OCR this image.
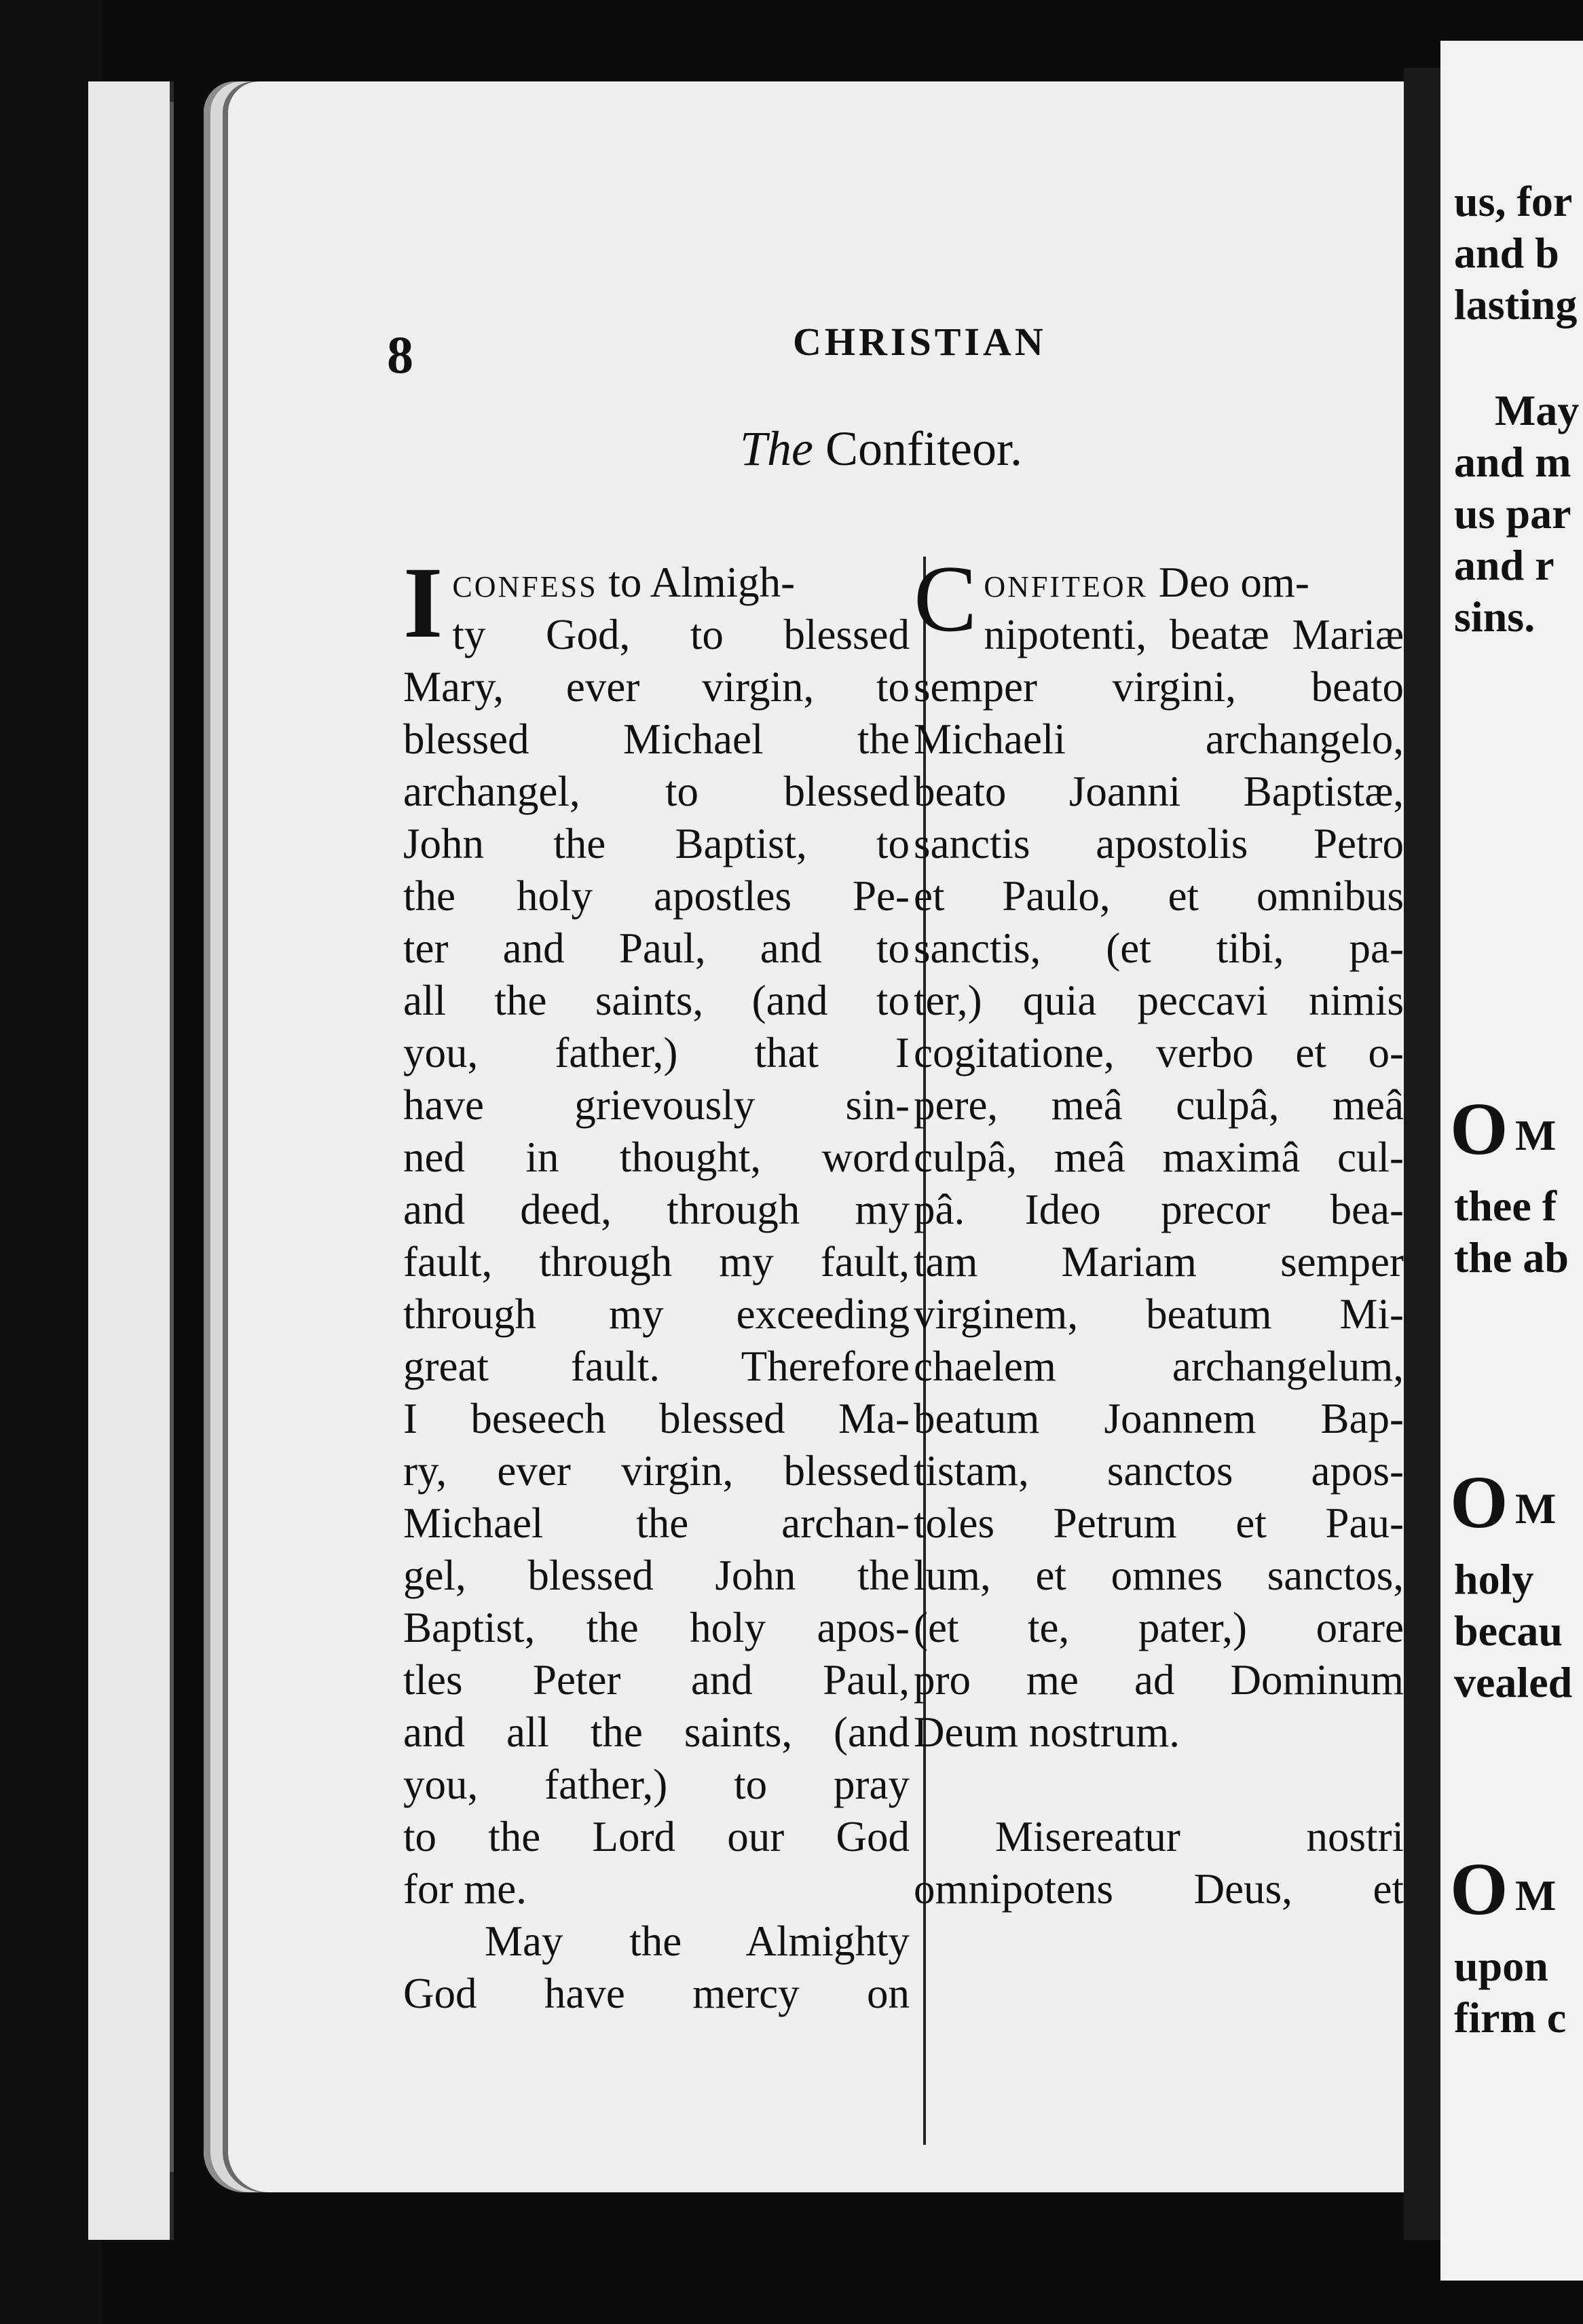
8	CHRISTIAN
The Confiteor.

I confess to Almigh-

ty God, to blessed

Mary, ever virgin, to

blessed Michael the

archangel, to blessed

John the Baptist, to

the holy apostles Pe-

ter and Paul, and to

all the saints, (and to

you, father,) that I

have grievously sin-

ned in thought, word

and deed, through my

fault, through my fault,

through my exceeding

great fault. Therefore

I beseech blessed Ma-

ry, ever virgin, blessed

Michael the archan-

gel, blessed John the

Baptist, the holy apos-

tles Peter and Paul,

and all the saints, (and

you, father,) to pray

to the Lord our God

for me.

May the Almighty

God have mercy on

C onfiteor Deo om-

nipotenti, beatæ Mariæ

semper virgini, beato

Michaeli archangelo,

beato Joanni Baptistæ,

sanctis apostolis Petro

et Paulo, et omnibus

sanctis, (et tibi, pa-

ter,) quia peccavi nimis

cogitatione, verbo et o-

pere, meâ culpâ, meâ

culpâ, meâ maximâ cul-

pâ. Ideo precor bea-

tam Mariam semper

virginem, beatum Mi-

chaelem archangelum,

beatum Joannem Bap-

tistam, sanctos apos-

toles Petrum et Pau-

lum, et omnes sanctos,

(et te, pater,) orare

pro me ad Dominum

Deum nostrum.

Misereatur nostri

omnipotens Deus, et

us, for
and b
lasting
May
and m
us par
and r
sins.
O M
thee f
the ab
O M
holy
becau
vealed
O M
upon
firm c
